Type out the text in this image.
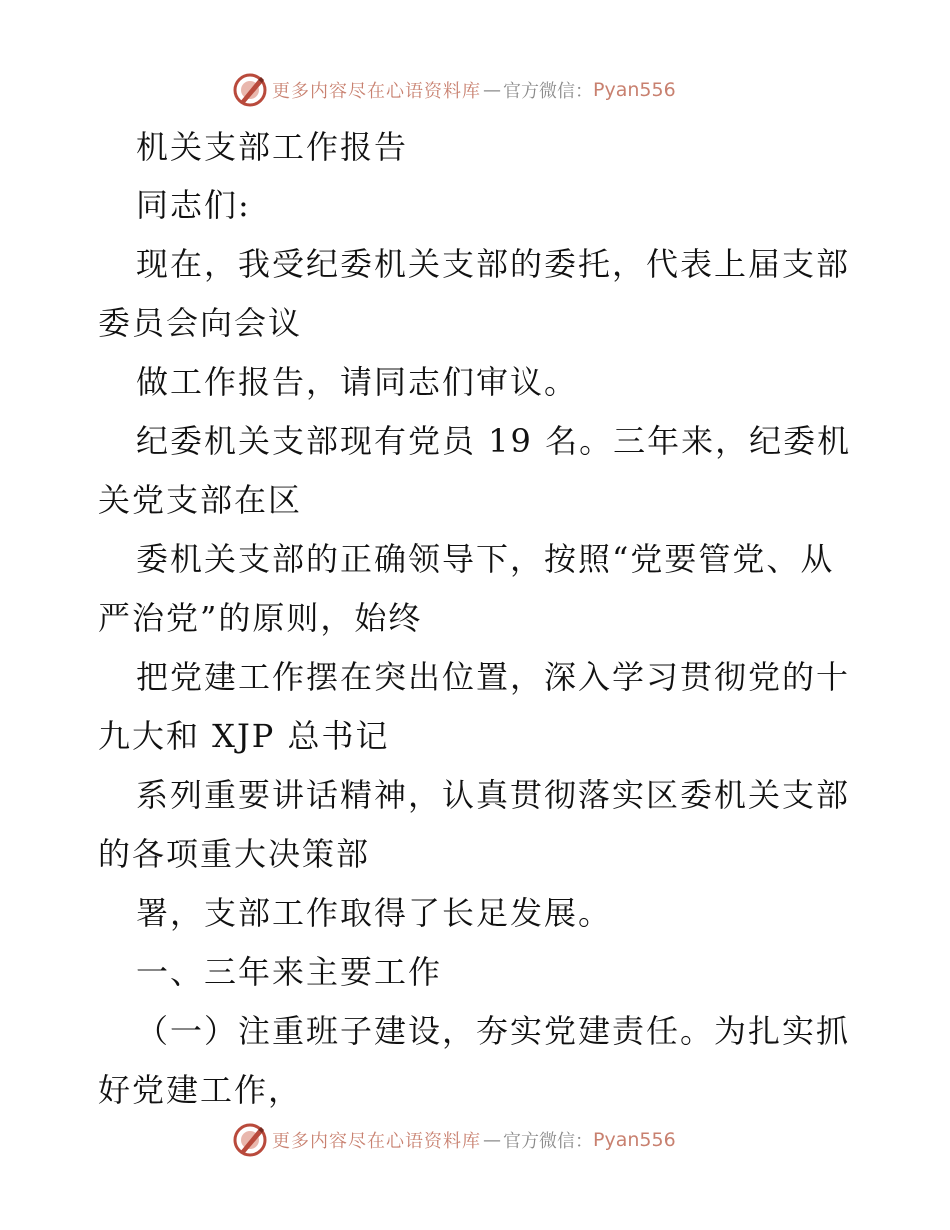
更多内容尽在心语资料库 — 官方微信： Pyan556
机关支部工作报告
同志们:
现在，我受纪委机关支部的委托，代表上届支部
委员会向会议
做工作报告，请同志们审议。
纪委机关支部现有党员 19 名。三年来，纪委机
关党支部在区
委机关支部的正确领导下，按照“党要管党、从
严治党”的原则，始终
把党建工作摆在突出位置，深入学习贯彻党的十
九大和 XJP 总书记
系列重要讲话精神，认真贯彻落实区委机关支部
的各项重大决策部
署，支部工作取得了长足发展。
一、三年来主要工作
（一）注重班子建设，夯实党建责任。为扎实抓
好党建工作，
更多内容尽在心语资料库 — 官方微信： Pyan556
